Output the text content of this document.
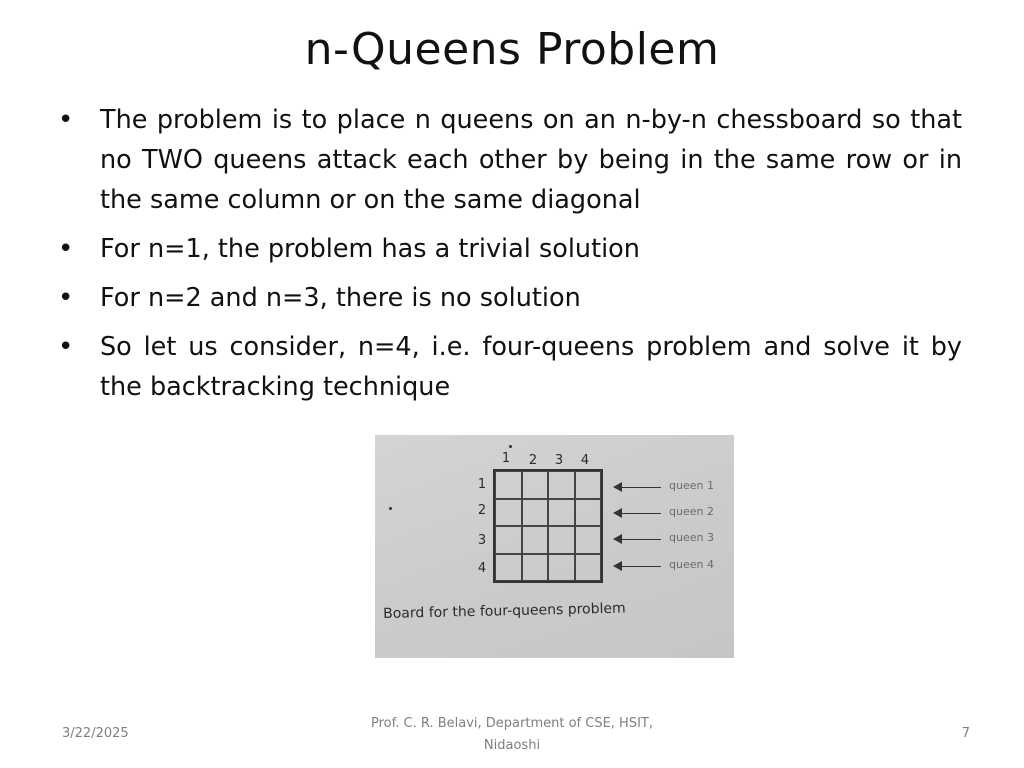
n-Queens Problem
• The problem is to place n queens on an n-by-n chessboard so that no TWO queens attack each other by being in the same row or in the same column or on the same diagonal
• For n=1, the problem has a trivial solution
• For n=2 and n=3, there is no solution
• So let us consider, n=4, i.e. four-queens problem and solve it by the backtracking technique
1	2	3	4
1
2
3
4
queen 1
queen 2
queen 3
queen 4
Board for the four-queens problem
3/22/2025
Prof. C. R. Belavi, Department of CSE, HSIT,
Nidaoshi
7
